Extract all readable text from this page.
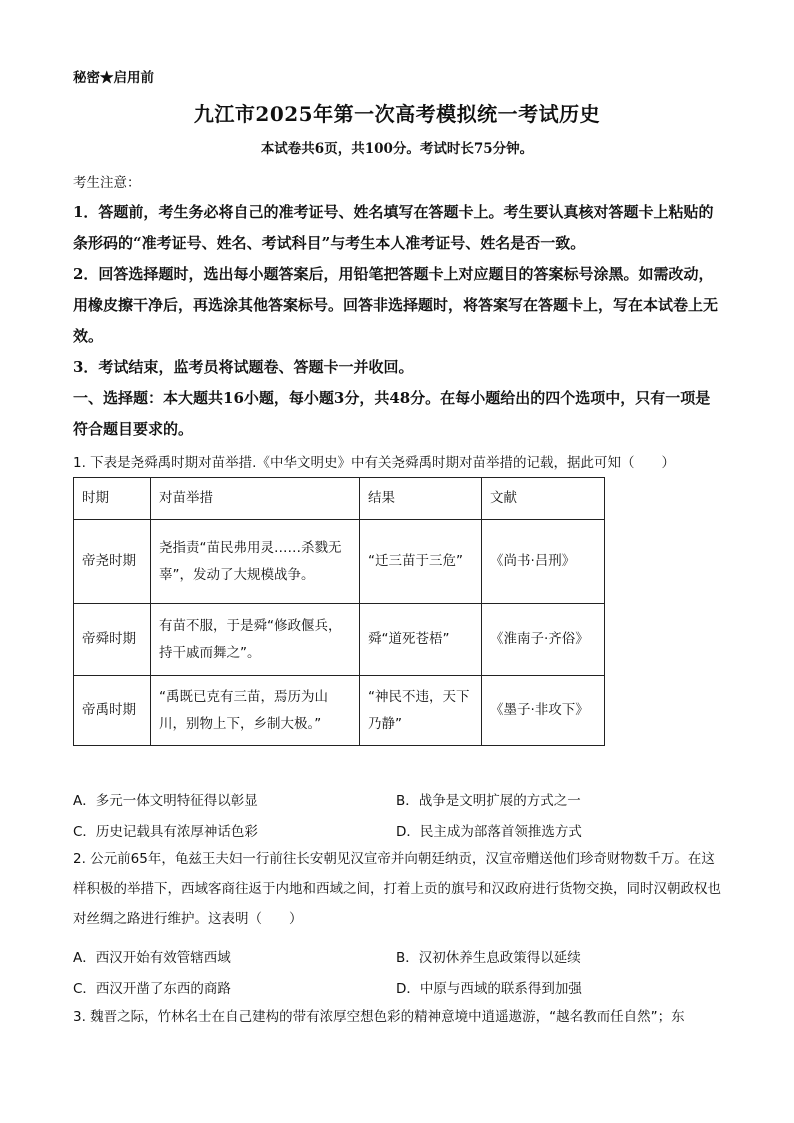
秘密★启用前
九江市2025年第一次高考模拟统一考试历史
本试卷共6页，共100分。考试时长75分钟。
考生注意：

1．答题前，考生务必将自己的准考证号、姓名填写在答题卡上。考生要认真核对答题卡上粘贴的条形码的“准考证号、姓名、考试科目”与考生本人准考证号、姓名是否一致。

2．回答选择题时，选出每小题答案后，用铅笔把答题卡上对应题目的答案标号涂黑。如需改动，用橡皮擦干净后，再选涂其他答案标号。回答非选择题时，将答案写在答题卡上，写在本试卷上无效。

3．考试结束，监考员将试题卷、答题卡一并收回。

一、选择题：本大题共16小题，每小题3分，共48分。在每小题给出的四个选项中，只有一项是符合题目要求的。

1. 下表是尧舜禹时期对苗举措.《中华文明史》中有关尧舜禹时期对苗举措的记载，据此可知（　　）

时期	对苗举措	结果	文献
帝尧时期	尧指责“苗民弗用灵……杀戮无辜”，发动了大规模战争。	“迁三苗于三危”	《尚书·吕刑》
帝舜时期	有苗不服，于是舜“修政偃兵，持干戚而舞之”。	舜“道死苍梧”	《淮南子·齐俗》
帝禹时期	“禹既已克有三苗，焉历为山川，别物上下，乡制大极。”	“神民不违，天下乃静”	《墨子·非攻下》
A．多元一体文明特征得以彰显	B．战争是文明扩展的方式之一
C．历史记载具有浓厚神话色彩	D．民主成为部落首领推选方式

2. 公元前65年，龟兹王夫妇一行前往长安朝见汉宣帝并向朝廷纳贡，汉宣帝赠送他们珍奇财物数千万。在这样积极的举措下，西域客商往返于内地和西域之间，打着上贡的旗号和汉政府进行货物交换，同时汉朝政权也对丝绸之路进行维护。这表明（　　）

A．西汉开始有效管辖西域	B．汉初休养生息政策得以延续
C．西汉开凿了东西的商路	D．中原与西域的联系得到加强

3. 魏晋之际，竹林名士在自己建构的带有浓厚空想色彩的精神意境中逍遥遨游，“越名教而任自然”；东
